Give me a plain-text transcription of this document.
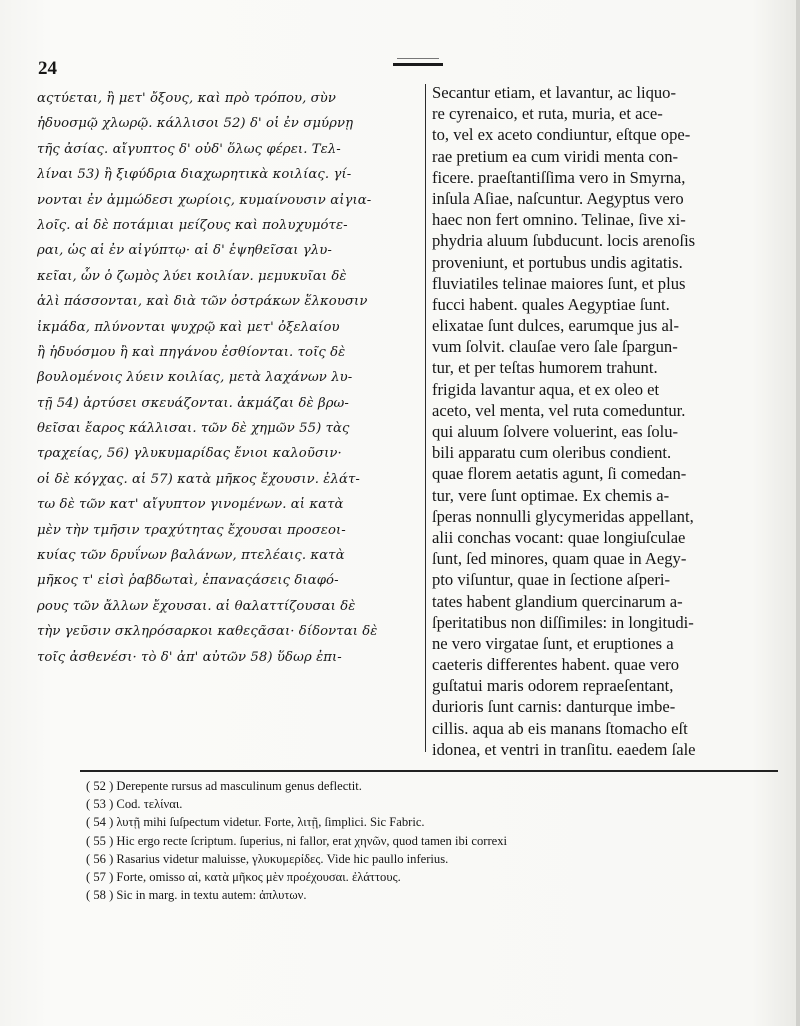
24
αςτύεται, ἢ μετ' ὄξους, καὶ πρὸ τρόπου, σὺν
ἡδυοσμῷ χλωρῷ. κάλλισοι 52) δ' οἱ ἐν σμύρνῃ
τῆς ἀσίας. αἴγυπτος δ' οὐδ' ὅλως φέρει. Τελ-
λίναι 53) ἢ ξιφύδρια διαχωρητικὰ κοιλίας. γί-
νονται ἐν ἀμμώδεσι χωρίοις, κυμαίνουσιν αἰγια-
λοῖς. αἱ δὲ ποτάμιαι μείζους καὶ πολυχυμότε-
ραι, ὡς αἱ ἐν αἰγύπτῳ· αἱ δ' ἑψηθεῖσαι γλυ-
κεῖαι, ὧν ὁ ζωμὸς λύει κοιλίαν. μεμυκυῖαι δὲ
ἁλὶ πάσσονται, καὶ διὰ τῶν ὀστράκων ἕλκουσιν
ἰκμάδα, πλύνονται ψυχρῷ καὶ μετ' ὀξελαίου
ἢ ἡδυόσμου ἢ καὶ πηγάνου ἐσθίονται. τοῖς δὲ
βουλομένοις λύειν κοιλίας, μετὰ λαχάνων λυ-
τῇ 54) ἀρτύσει σκευάζονται. ἀκμάζαι δὲ βρω-
θεῖσαι ἔαρος κάλλισαι. τῶν δὲ χημῶν 55) τὰς
τραχείας, 56) γλυκυμαρίδας ἔνιοι καλοῦσιν·
οἱ δὲ κόγχας. αἱ 57) κατὰ μῆκος ἔχουσιν. ἐλάτ-
τω δὲ τῶν κατ' αἴγυπτον γινομένων. αἱ κατὰ
μὲν τὴν τμῆσιν τραχύτητας ἔχουσαι προσεοι-
κυίας τῶν δρυΐνων βαλάνων, πτελέαις. κατὰ
μῆκος τ' εἰσὶ ῥαβδωταὶ, ἐπαναςάσεις διαφό-
ρους τῶν ἄλλων ἔχουσαι. αἱ θαλαττίζουσαι δὲ
τὴν γεῦσιν σκληρόσαρκοι καθεςᾶσαι· δίδονται δὲ
τοῖς ἀσθενέσι· τὸ δ' ἀπ' αὐτῶν 58) ὕδωρ ἐπι-
Secantur etiam, et lavantur, ac liquo-
re cyrenaico, et ruta, muria, et ace-
to, vel ex aceto condiuntur, eſtque ope-
rae pretium ea cum viridi menta con-
ficere. praeſtantiſſima vero in Smyrna,
inſula Aſiae, naſcuntur. Aegyptus vero
haec non fert omnino. Telinae, ſive xi-
phydria aluum ſubducunt. locis arenoſis
proveniunt, et portubus undis agitatis.
fluviatiles telinae maiores ſunt, et plus
fucci habent. quales Aegyptiae ſunt.
elixatae ſunt dulces, earumque jus al-
vum ſolvit. clauſae vero ſale ſpargun-
tur, et per teſtas humorem trahunt.
frigida lavantur aqua, et ex oleo et
aceto, vel menta, vel ruta comeduntur.
qui aluum ſolvere voluerint, eas ſolu-
bili apparatu cum oleribus condient.
quae florem aetatis agunt, ſi comedan-
tur, vere ſunt optimae. Ex chemis a-
ſperas nonnulli glycymeridas appellant,
alii conchas vocant: quae longiuſculae
ſunt, ſed minores, quam quae in Aegy-
pto viſuntur, quae in ſectione aſperi-
tates habent glandium quercinarum a-
ſperitatibus non diſſimiles: in longitudi-
ne vero virgatae ſunt, et eruptiones a
caeteris differentes habent. quae vero
guſtatui maris odorem repraeſentant,
durioris ſunt carnis: danturque imbe-
cillis. aqua ab eis manans ſtomacho eſt
idonea, et ventri in tranſitu. eaedem ſale
( 52 ) Derepente rursus ad masculinum genus deflectit.
( 53 ) Cod. τελίναι.
( 54 ) λυτῇ mihi ſuſpectum videtur. Forte, λιτῇ, ſimplici. Sic Fabric.
( 55 ) Hic ergo recte ſcriptum. ſuperius, ni fallor, erat χηνῶν, quod tamen ibi correxi
( 56 ) Rasarius videtur maluisse, γλυκυμερίδες. Vide hic paullo inferius.
( 57 ) Forte, omisso αἱ, κατὰ μῆκος μὲν προέχουσαι. ἐλάττους.
( 58 ) Sic in marg. in textu autem: ἀπλυτων.
